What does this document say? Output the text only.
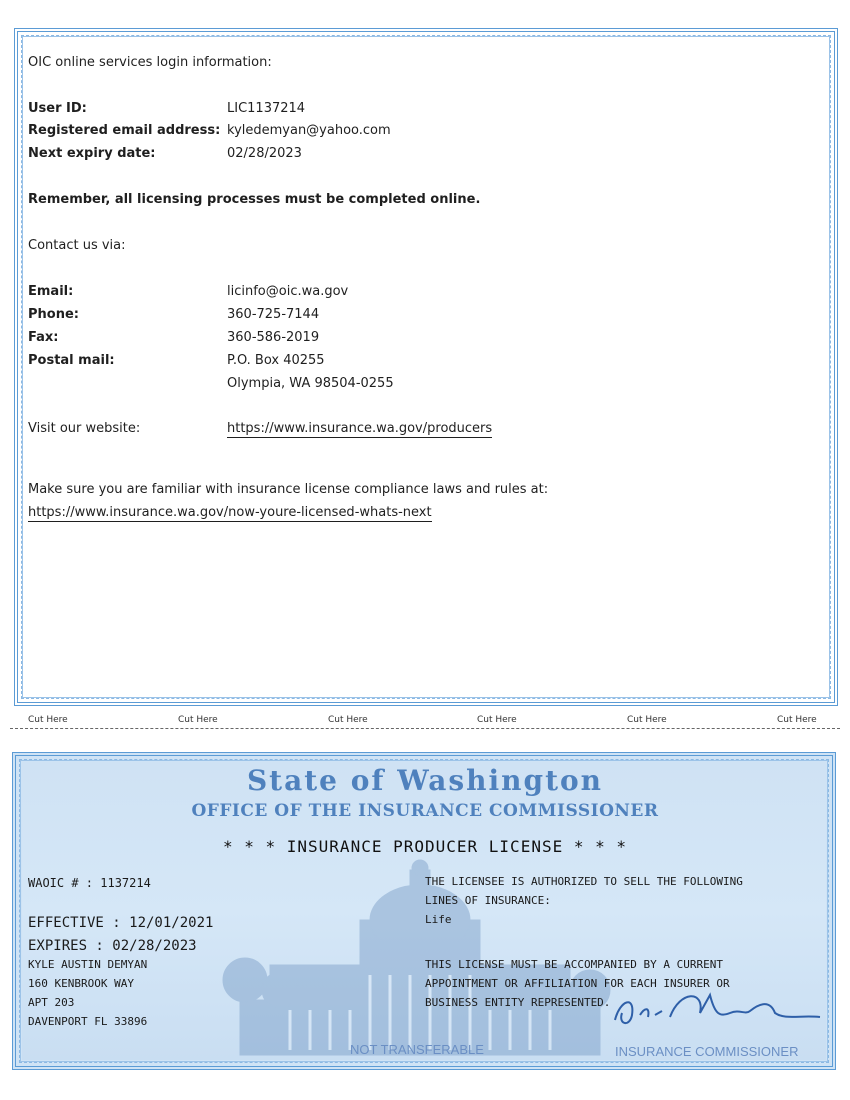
OIC online services login information:
User ID:	LIC1137214
Registered email address: kyledemyan@yahoo.com
Next expiry date:	02/28/2023
Remember, all licensing processes must be completed online.
Contact us via:
Email:	licinfo@oic.wa.gov
Phone:	360-725-7144
Fax:	360-586-2019
Postal mail:	P.O. Box 40255
Olympia, WA 98504-0255
Visit our website:	https://www.insurance.wa.gov/producers
Make sure you are familiar with insurance license compliance laws and rules at:
https://www.insurance.wa.gov/now-youre-licensed-whats-next
Cut Here	Cut Here	Cut Here	Cut Here	Cut Here	Cut Here
State of Washington
OFFICE OF THE INSURANCE COMMISSIONER
* * * INSURANCE PRODUCER LICENSE * * *
WAOIC # : 1137214
EFFECTIVE : 12/01/2021
EXPIRES : 02/28/2023
KYLE AUSTIN DEMYAN
160 KENBROOK WAY
APT 203
DAVENPORT FL 33896
THE LICENSEE IS AUTHORIZED TO SELL THE FOLLOWING
LINES OF INSURANCE:
Life
THIS LICENSE MUST BE ACCOMPANIED BY A CURRENT
APPOINTMENT OR AFFILIATION FOR EACH INSURER OR
BUSINESS ENTITY REPRESENTED.
NOT TRANSFERABLE	INSURANCE COMMISSIONER
